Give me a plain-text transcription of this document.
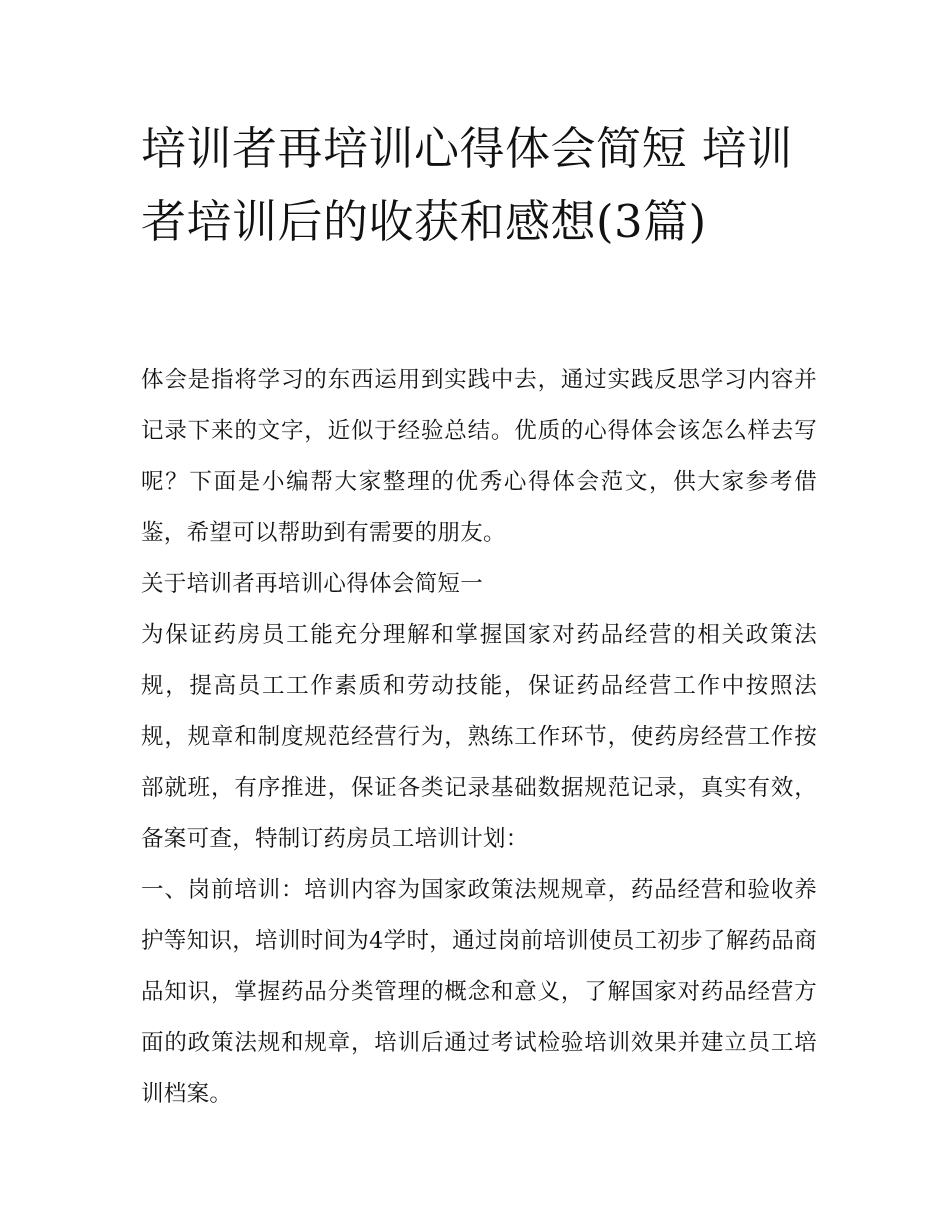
培训者再培训心得体会简短 培训者培训后的收获和感想(3篇)

体会是指将学习的东西运用到实践中去，通过实践反思学习内容并记录下来的文字，近似于经验总结。优质的心得体会该怎么样去写呢？下面是小编帮大家整理的优秀心得体会范文，供大家参考借鉴，希望可以帮助到有需要的朋友。

关于培训者再培训心得体会简短一

为保证药房员工能充分理解和掌握国家对药品经营的相关政策法规，提高员工工作素质和劳动技能，保证药品经营工作中按照法规，规章和制度规范经营行为，熟练工作环节，使药房经营工作按部就班，有序推进，保证各类记录基础数据规范记录，真实有效，备案可查，特制订药房员工培训计划：

一、岗前培训：培训内容为国家政策法规规章，药品经营和验收养护等知识，培训时间为4学时，通过岗前培训使员工初步了解药品商品知识，掌握药品分类管理的概念和意义，了解国家对药品经营方面的政策法规和规章，培训后通过考试检验培训效果并建立员工培训档案。
